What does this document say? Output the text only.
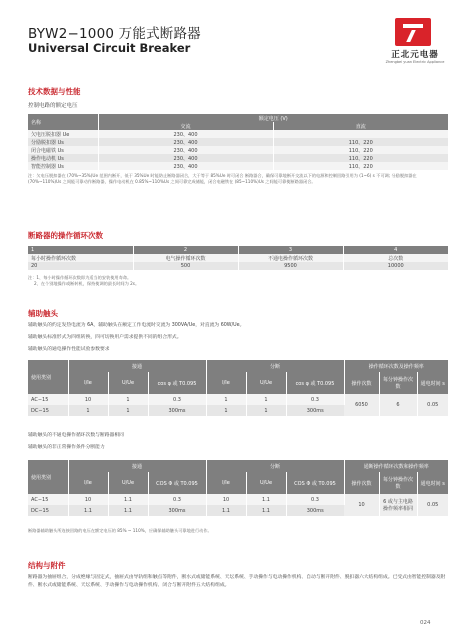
BYW2−1000 万能式断路器
Universal Circuit Breaker	正北元电器
Zhengbei yuan Electric Appliance
技术数据与性能
控制电路的额定电压
名称	额定电压 (V)	
	交流	直流
欠电压脱扣器 Ue	230、400	
分励脱扣器 Us	230、400	110、220
闭合电磁铁 Us	230、400	110、220
操作电动机 Us	230、400	110、220
智能控制器 Us	230、400	110、220
注：欠电压脱扣器在 (70%~35%)Ue 范围内断开，低于 35%Ue 时能防止断路器闭合，大于等于 85%Ue 时可闭合 断路器合，确保可靠地断开交流以下的电源和控制回路引用为 (1~6) s 不可调; 分励脱扣器在 (70%~110%)Us 之间能可靠动作断路器，操作电动机在 0.85%~110%Us 之间可靠完成储能，闭合电磁铁在 (85~110%)Us 之间能可靠使断路器闭合。
断路器的操作循环次数
1	2	3	4
每小时操作循环次数	电气操作循环次数	不通电操作循环次数	总次数
20	500	9500	10000
注：1、每小时操作循环次数即为适当的安装使用寿命。
2、在个别地操作或断转机，保持使调的最长时间为 2s。
辅助触头
辅助触头的约定发热电流为 6A，辅助触头在额定工作电流时交流为 300VA/Ue，对直流为 60W/Ue。
辅助触头标准形式为四组转换，四可切换用户需求提供不同的组合形式。
辅助触头的通电操作性能试验参数要求
使用类别	接通			分断			操作循环次数及操作频率		
	I/Ie	U/Ue	cos φ 或 T0.095	I/Ie	U/Ue	cos φ 或 T0.095	操作次数	每分钟操作次数	通电时间 s
AC−15	10	1	0.3	1	1	0.3	6050	6	0.05
DC−15	1	1	300ms	1	1	300ms			
辅助触头的不通电操作循环次数与断路器相同
辅助触头的非正常操作条件分断能力
使用类别	接通			分断			通断操作循环次数和操作频率		
	I/Ie	U/Ue	COS Φ 或 T0.095	I/Ie	U/Ue	COS Φ 或 T0.095	操作次数	每分钟操作次数	通电时间 s
AC−15	10	1.1	0.3	10	1.1	0.3	10	6 或与主电路操作频率相同	0.05
DC−15	1.1	1.1	300ms	1.1	1.1	300ms			
断路器辅助触头所连接回路的电压在额定电压的 85% ~ 110%，应确保辅助触头可靠地进行动作。
结构与附件
断路器为抽屉组合，分成绝缘与固定式，抽屉式由导轨组和触点等附件，断水式或储能系统、天坛系统、手动操作与电动操作机构、自动与断开附件、脱扣器六大结构组成。已受式由智能控制器及附件、断水式或储能系统、天坛系统、手动操作与电动操作机构、闭合与断开附件五大结构组成。
024
